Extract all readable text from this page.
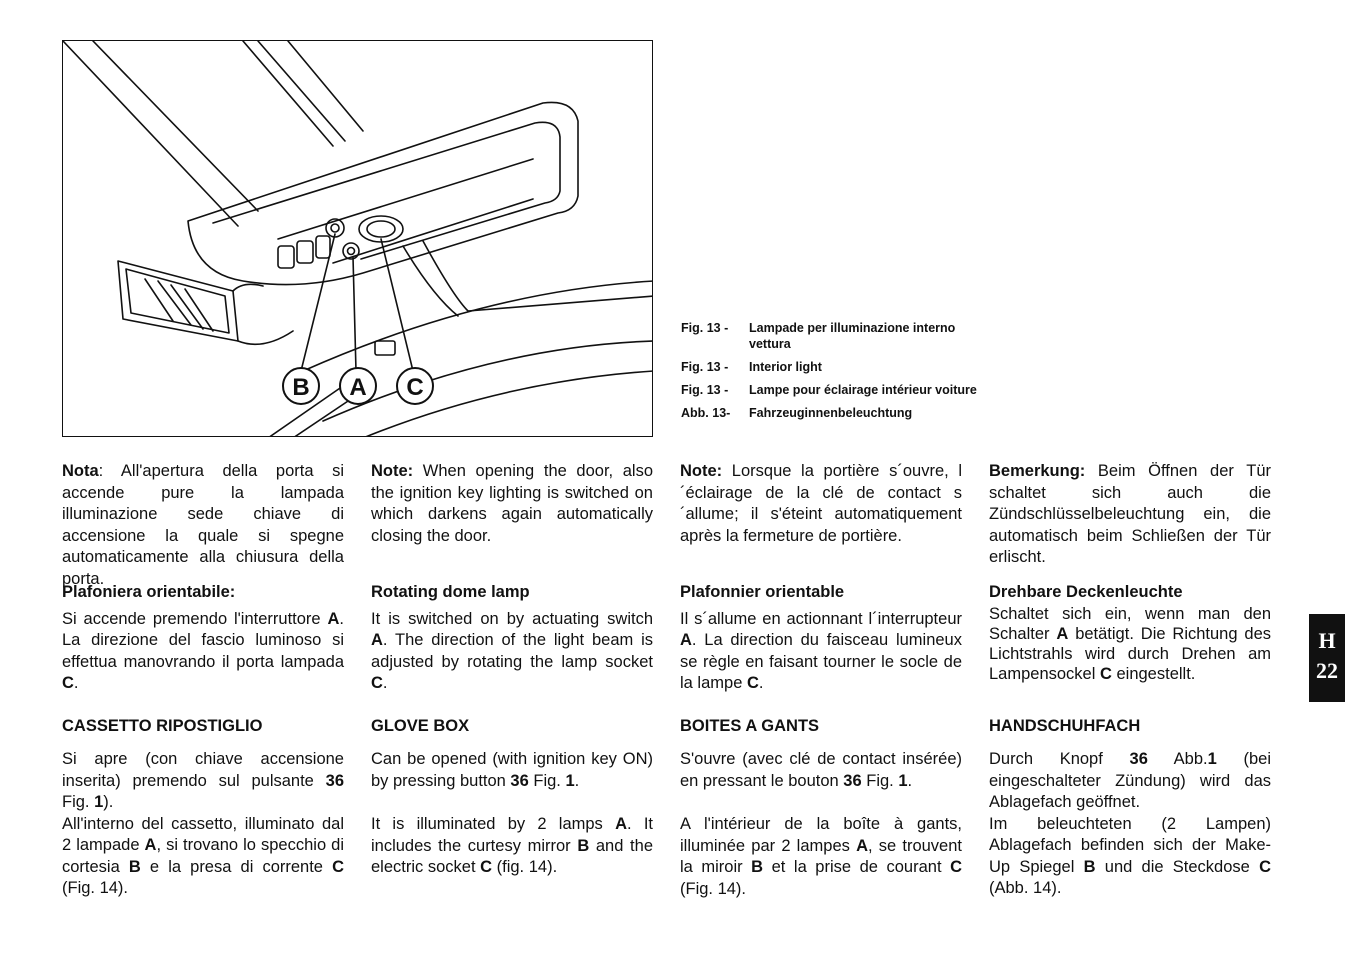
B A C
Fig. 13 -	Lampade per illuminazione interno vettura
Fig. 13 -	Interior light
Fig. 13 -	Lampe pour éclairage intérieur voiture
Abb. 13-	Fahrzeuginnenbeleuchtung

Nota: All'apertura della porta si accende pure la lampada illuminazione sede chiave di accensione la quale si spegne automaticamente alla chiusura della porta.

Plafoniera orientabile:

Si accende premendo l'interruttore A. La direzione del fascio luminoso si effettua manovrando il porta lampada C.

CASSETTO RIPOSTIGLIO

Si apre (con chiave accensione inserita) premendo sul pulsante 36 Fig. 1).

All'interno del cassetto, illuminato dal 2 lampade A, si trovano lo specchio di cortesia B e la presa di corrente C (Fig. 14).

Note: When opening the door, also the ignition key lighting is switched on which darkens again automatically closing the door.

Rotating dome lamp

It is switched on by actuating switch A. The direction of the light beam is adjusted by rotating the lamp socket C.

GLOVE BOX

Can be opened (with ignition key ON) by pressing button 36 Fig. 1.

It is illuminated by 2 lamps A. It includes the curtesy mirror B and the electric socket C (fig. 14).

Note: Lorsque la portière s´ouvre, l´éclairage de la clé de contact s´allume; il s'éteint automatiquement après la fermeture de portière.

Plafonnier orientable

Il s´allume en actionnant l´interrupteur A. La direction du faisceau lumineux se règle en faisant tourner le socle de la lampe C.

BOITES A GANTS

S'ouvre (avec clé de contact insérée) en pressant le bouton 36 Fig. 1.

A l'intérieur de la boîte à gants, illuminée par 2 lampes A, se trouvent la miroir B et la prise de courant C (Fig. 14).

Bemerkung: Beim Öffnen der Tür schaltet sich auch die Zündschlüsselbeleuchtung ein, die automatisch beim Schließen der Tür erlischt.

Drehbare Deckenleuchte

Schaltet sich ein, wenn man den Schalter A betätigt. Die Richtung des Lichtstrahls wird durch Drehen am Lampensockel C eingestellt.

HANDSCHUHFACH

Durch Knopf 36 Abb.1 (bei eingeschalteter Zündung) wird das Ablagefach geöffnet.

Im beleuchteten (2 Lampen) Ablagefach befinden sich der Make-Up Spiegel B und die Steckdose C (Abb. 14).

H
22
